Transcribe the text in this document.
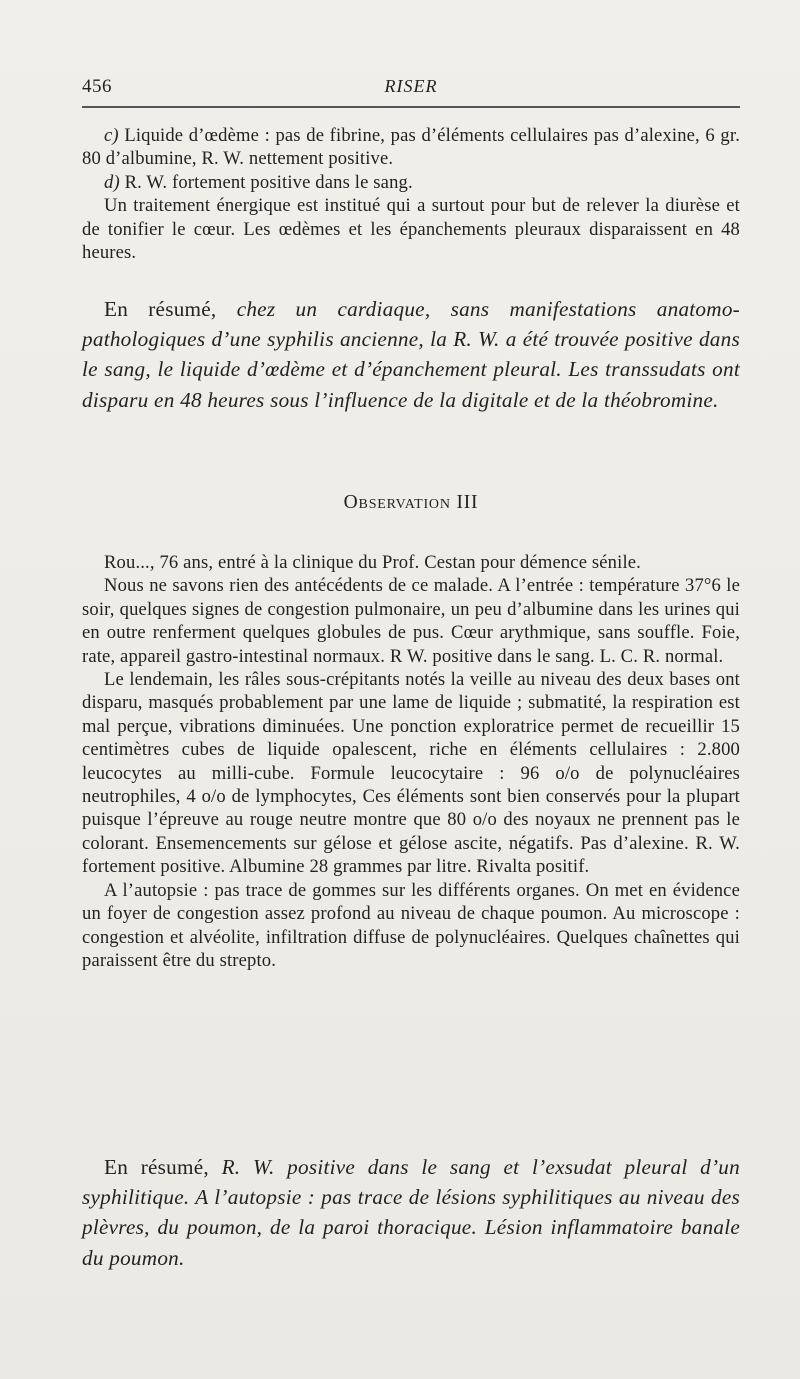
456	RISER

c) Liquide d’œdème : pas de fibrine, pas d’éléments cellulaires pas d’alexine, 6 gr. 80 d’albumine, R. W. nettement positive.

d) R. W. fortement positive dans le sang.

Un traitement énergique est institué qui a surtout pour but de relever la diurèse et de tonifier le cœur. Les œdèmes et les épanchements pleuraux disparaissent en 48 heures.

En résumé, chez un cardiaque, sans manifestations anatomo-pathologiques d’une syphilis ancienne, la R. W. a été trouvée positive dans le sang, le liquide d’œdème et d’épanchement pleural. Les transsudats ont disparu en 48 heures sous l’influence de la digitale et de la théobromine.

Observation III

Rou..., 76 ans, entré à la clinique du Prof. Cestan pour démence sénile.

Nous ne savons rien des antécédents de ce malade. A l’entrée : température 37°6 le soir, quelques signes de congestion pulmonaire, un peu d’albumine dans les urines qui en outre renferment quelques globules de pus. Cœur arythmique, sans souffle. Foie, rate, appareil gastro-intestinal normaux. R W. positive dans le sang. L. C. R. normal.

Le lendemain, les râles sous-crépitants notés la veille au niveau des deux bases ont disparu, masqués probablement par une lame de liquide ; submatité, la respiration est mal perçue, vibrations diminuées. Une ponction exploratrice permet de recueillir 15 centimètres cubes de liquide opalescent, riche en éléments cellulaires : 2.800 leucocytes au milli-cube. Formule leucocytaire : 96 o/o de polynucléaires neutrophiles, 4 o/o de lymphocytes, Ces éléments sont bien conservés pour la plupart puisque l’épreuve au rouge neutre montre que 80 o/o des noyaux ne prennent pas le colorant. Ensemencements sur gélose et gélose ascite, négatifs. Pas d’alexine. R. W. fortement positive. Albumine 28 grammes par litre. Rivalta positif.

A l’autopsie : pas trace de gommes sur les différents organes. On met en évidence un foyer de congestion assez profond au niveau de chaque poumon. Au microscope : congestion et alvéolite, infiltration diffuse de polynucléaires. Quelques chaînettes qui paraissent être du strepto.

En résumé, R. W. positive dans le sang et l’exsudat pleural d’un syphilitique. A l’autopsie : pas trace de lésions syphilitiques au niveau des plèvres, du poumon, de la paroi thoracique. Lésion inflammatoire banale du poumon.
